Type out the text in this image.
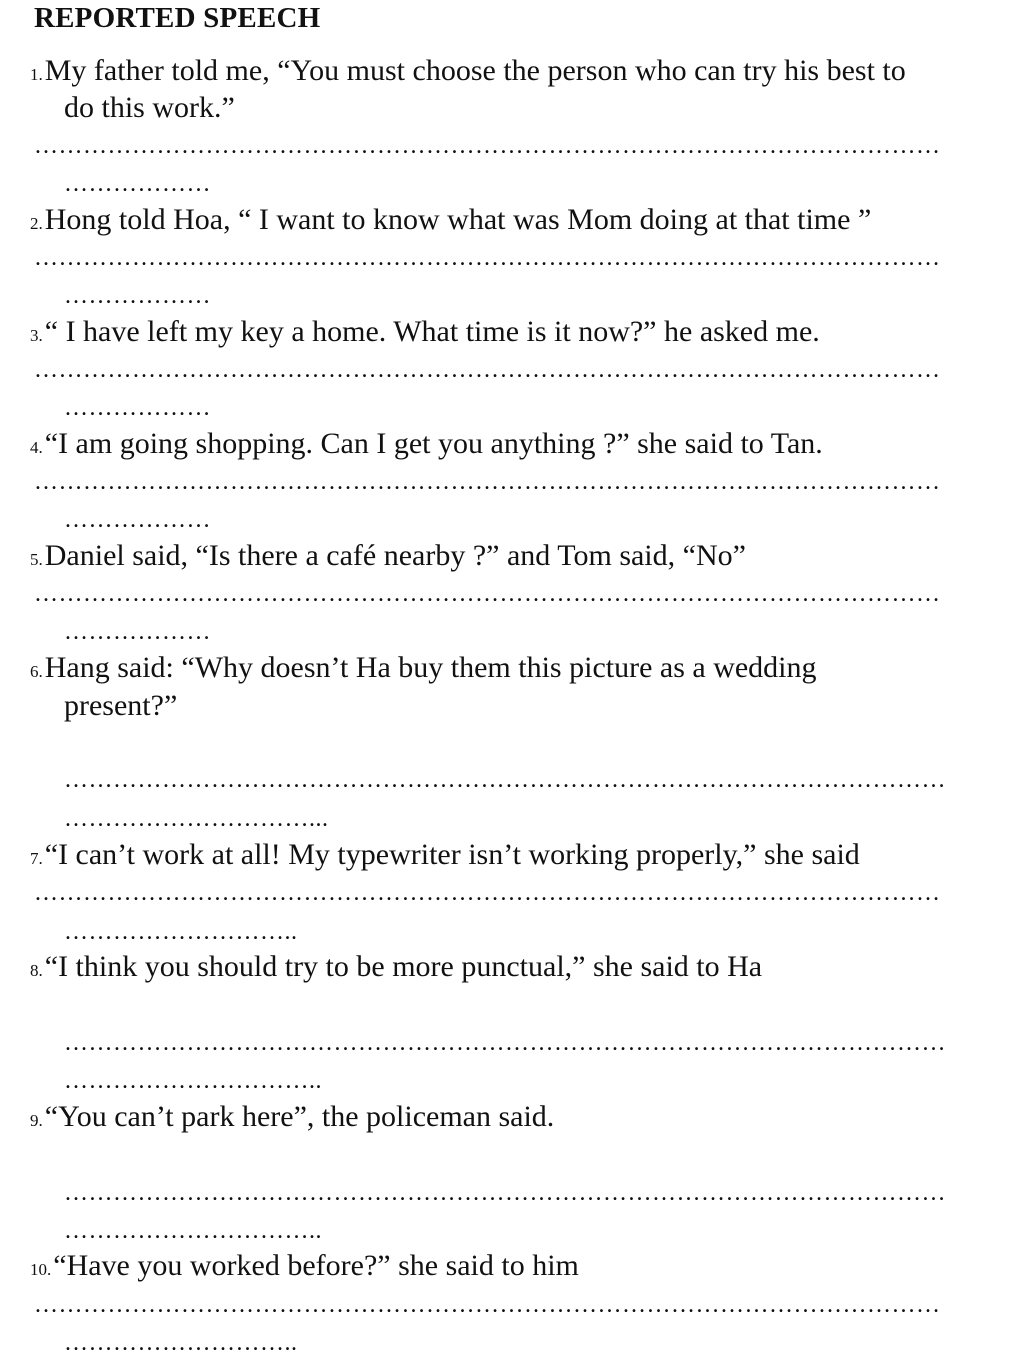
REPORTED SPEECH
1.My father told me, “You must choose the person who can try his best to
do this work.”
…………………………………………………………………………………………………
………………
2.Hong told Hoa, “ I want to know what was Mom doing at that time ”
…………………………………………………………………………………………………
………………
3.“ I have left my key a home. What time is it now?” he asked me.
…………………………………………………………………………………………………
………………
4.“I am going shopping. Can I get you anything ?” she said to Tan.
…………………………………………………………………………………………………
………………
5.Daniel said, “Is there a café nearby ?” and Tom said, “No”
…………………………………………………………………………………………………
………………
6.Hang said: “Why doesn’t Ha buy them this picture as a wedding
present?”
………………………………………………………………………………………………
…………………………...
7.“I can’t work at all! My typewriter isn’t working properly,” she said
…………………………………………………………………………………………………
………………………..
8.“I think you should try to be more punctual,” she said to Ha
………………………………………………………………………………………………
…………………………..
9.“You can’t park here”, the policeman said.
………………………………………………………………………………………………
…………………………..
10.“Have you worked before?” she said to him
…………………………………………………………………………………………………
………………………..
